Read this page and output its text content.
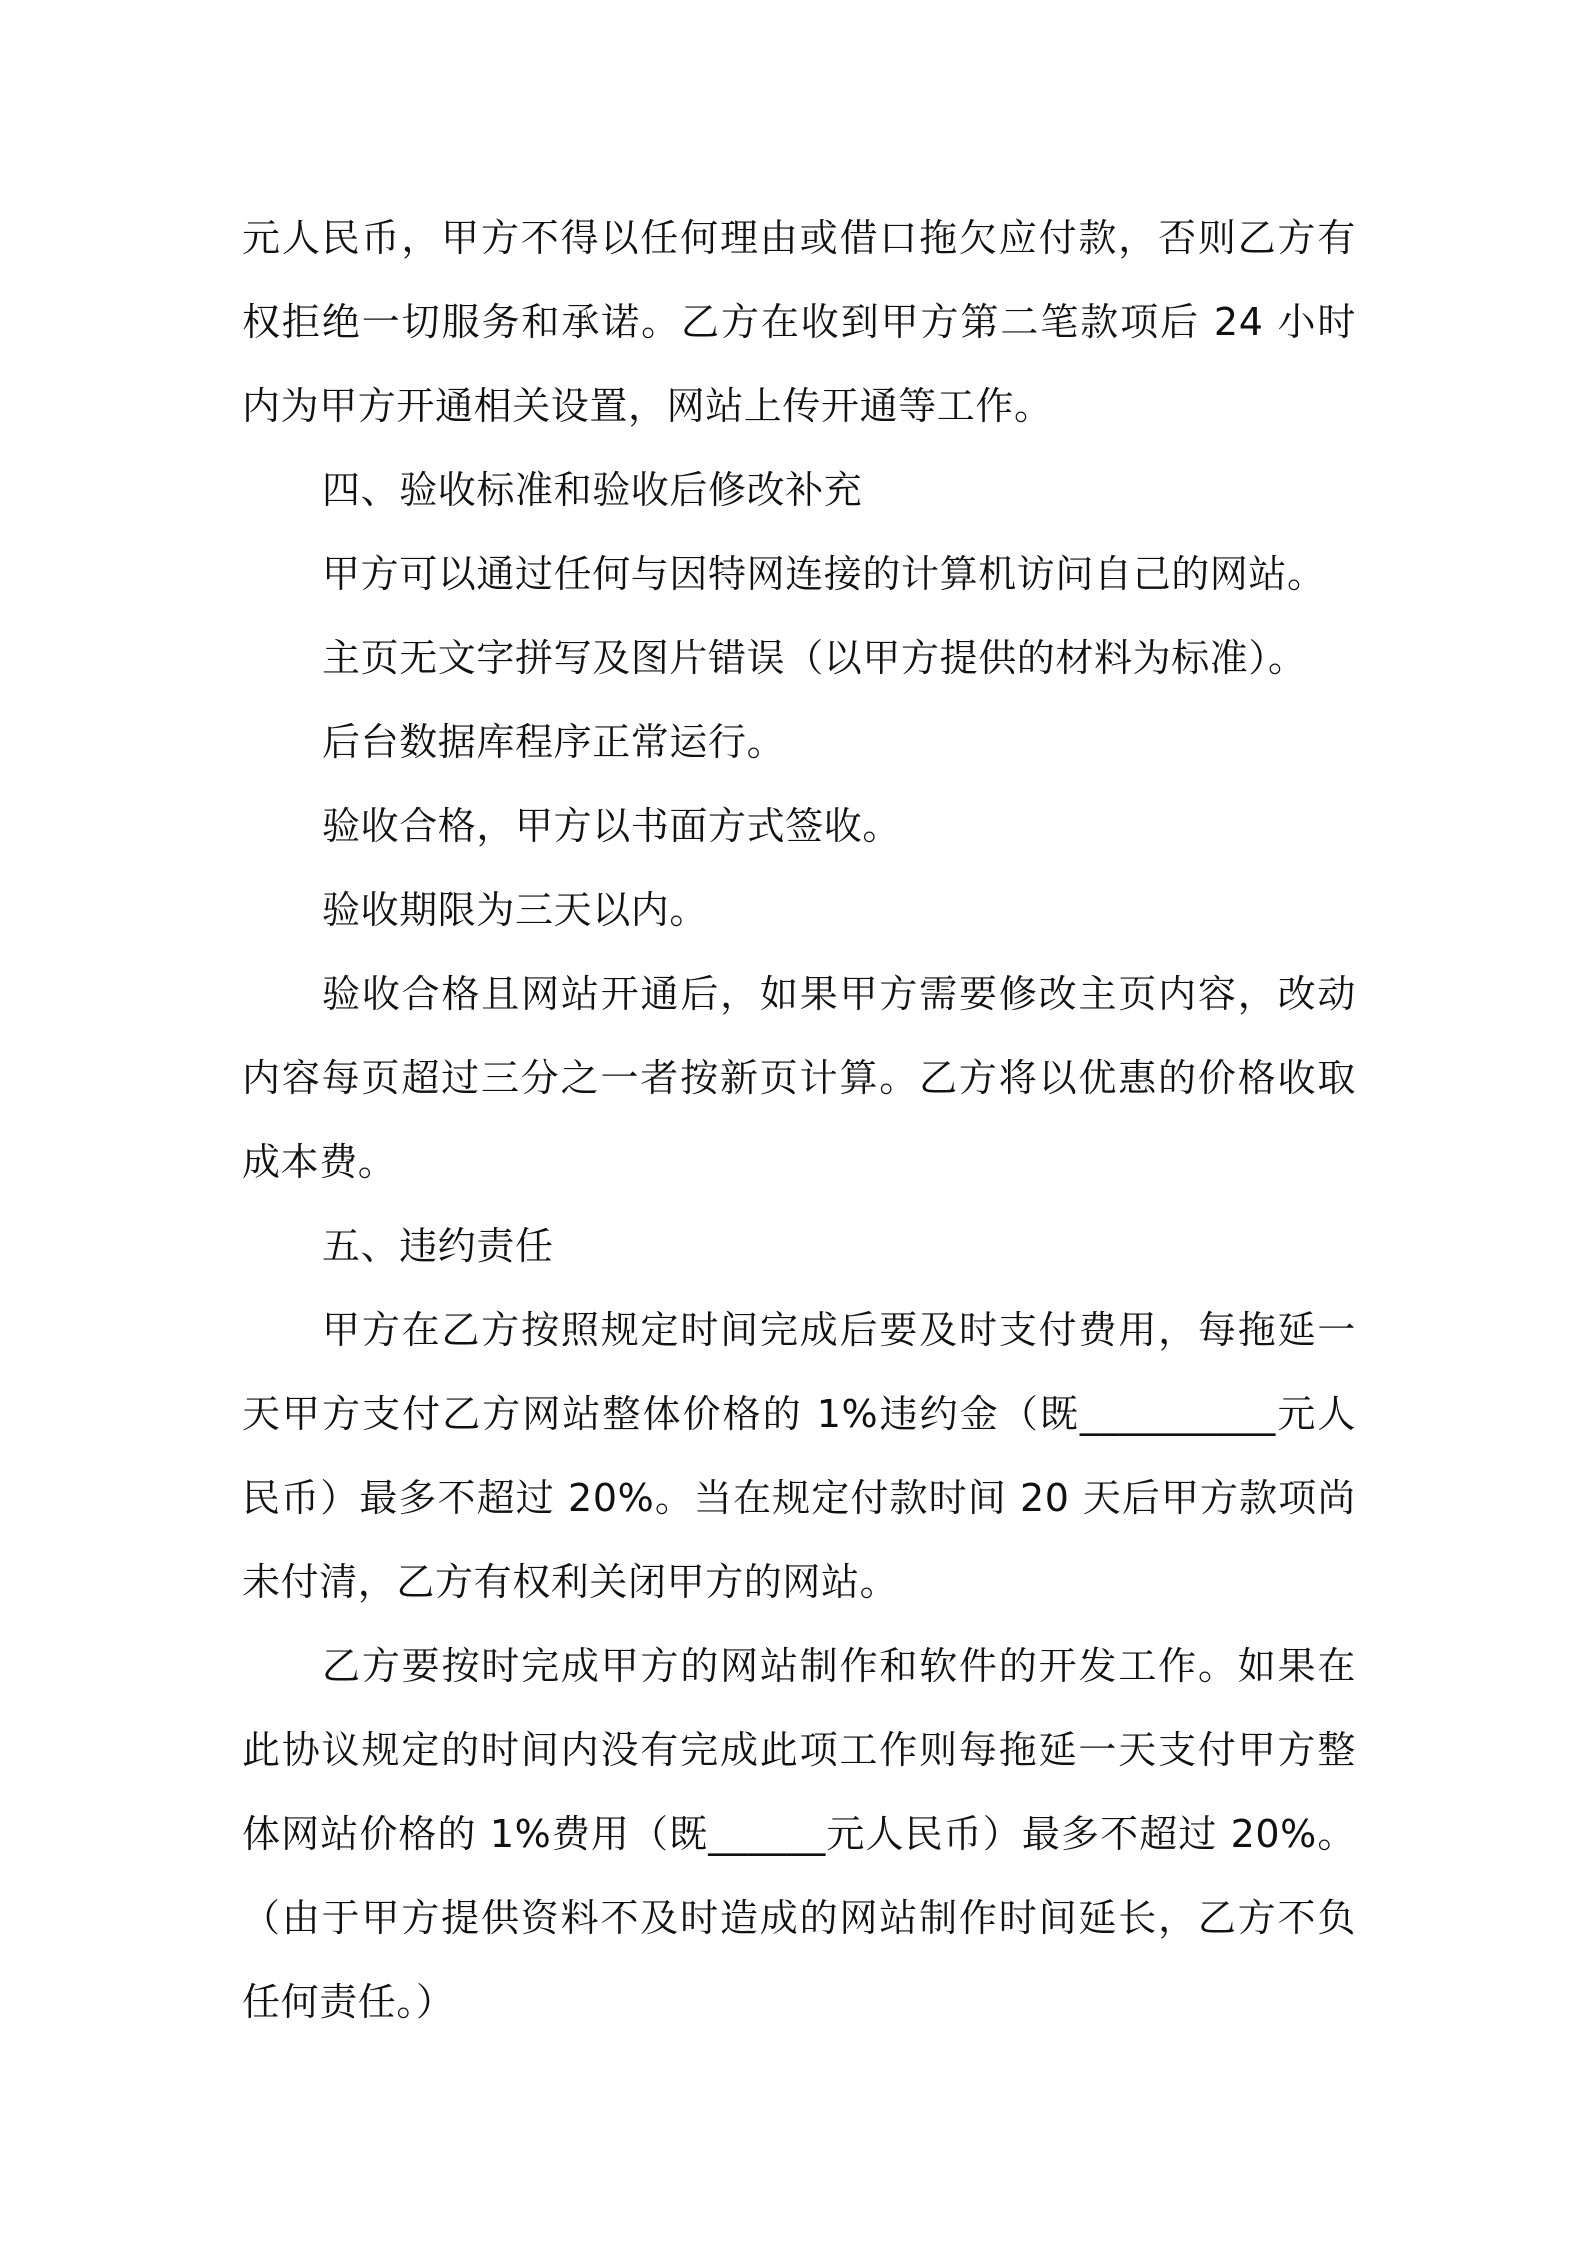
元人民币，甲方不得以任何理由或借口拖欠应付款，否则乙方有权拒绝一切服务和承诺。乙方在收到甲方第二笔款项后 24 小时内为甲方开通相关设置，网站上传开通等工作。

四、验收标准和验收后修改补充

甲方可以通过任何与因特网连接的计算机访问自己的网站。

主页无文字拼写及图片错误（以甲方提供的材料为标准）。

后台数据库程序正常运行。

验收合格，甲方以书面方式签收。

验收期限为三天以内。

验收合格且网站开通后，如果甲方需要修改主页内容，改动内容每页超过三分之一者按新页计算。乙方将以优惠的价格收取成本费。

五、违约责任

甲方在乙方按照规定时间完成后要及时支付费用，每拖延一天甲方支付乙方网站整体价格的 1%违约金（既__________元人民币）最多不超过 20%。当在规定付款时间 20 天后甲方款项尚未付清，乙方有权利关闭甲方的网站。

乙方要按时完成甲方的网站制作和软件的开发工作。如果在此协议规定的时间内没有完成此项工作则每拖延一天支付甲方整体网站价格的 1%费用（既______元人民币）最多不超过 20%。（由于甲方提供资料不及时造成的网站制作时间延长，乙方不负任何责任。）
